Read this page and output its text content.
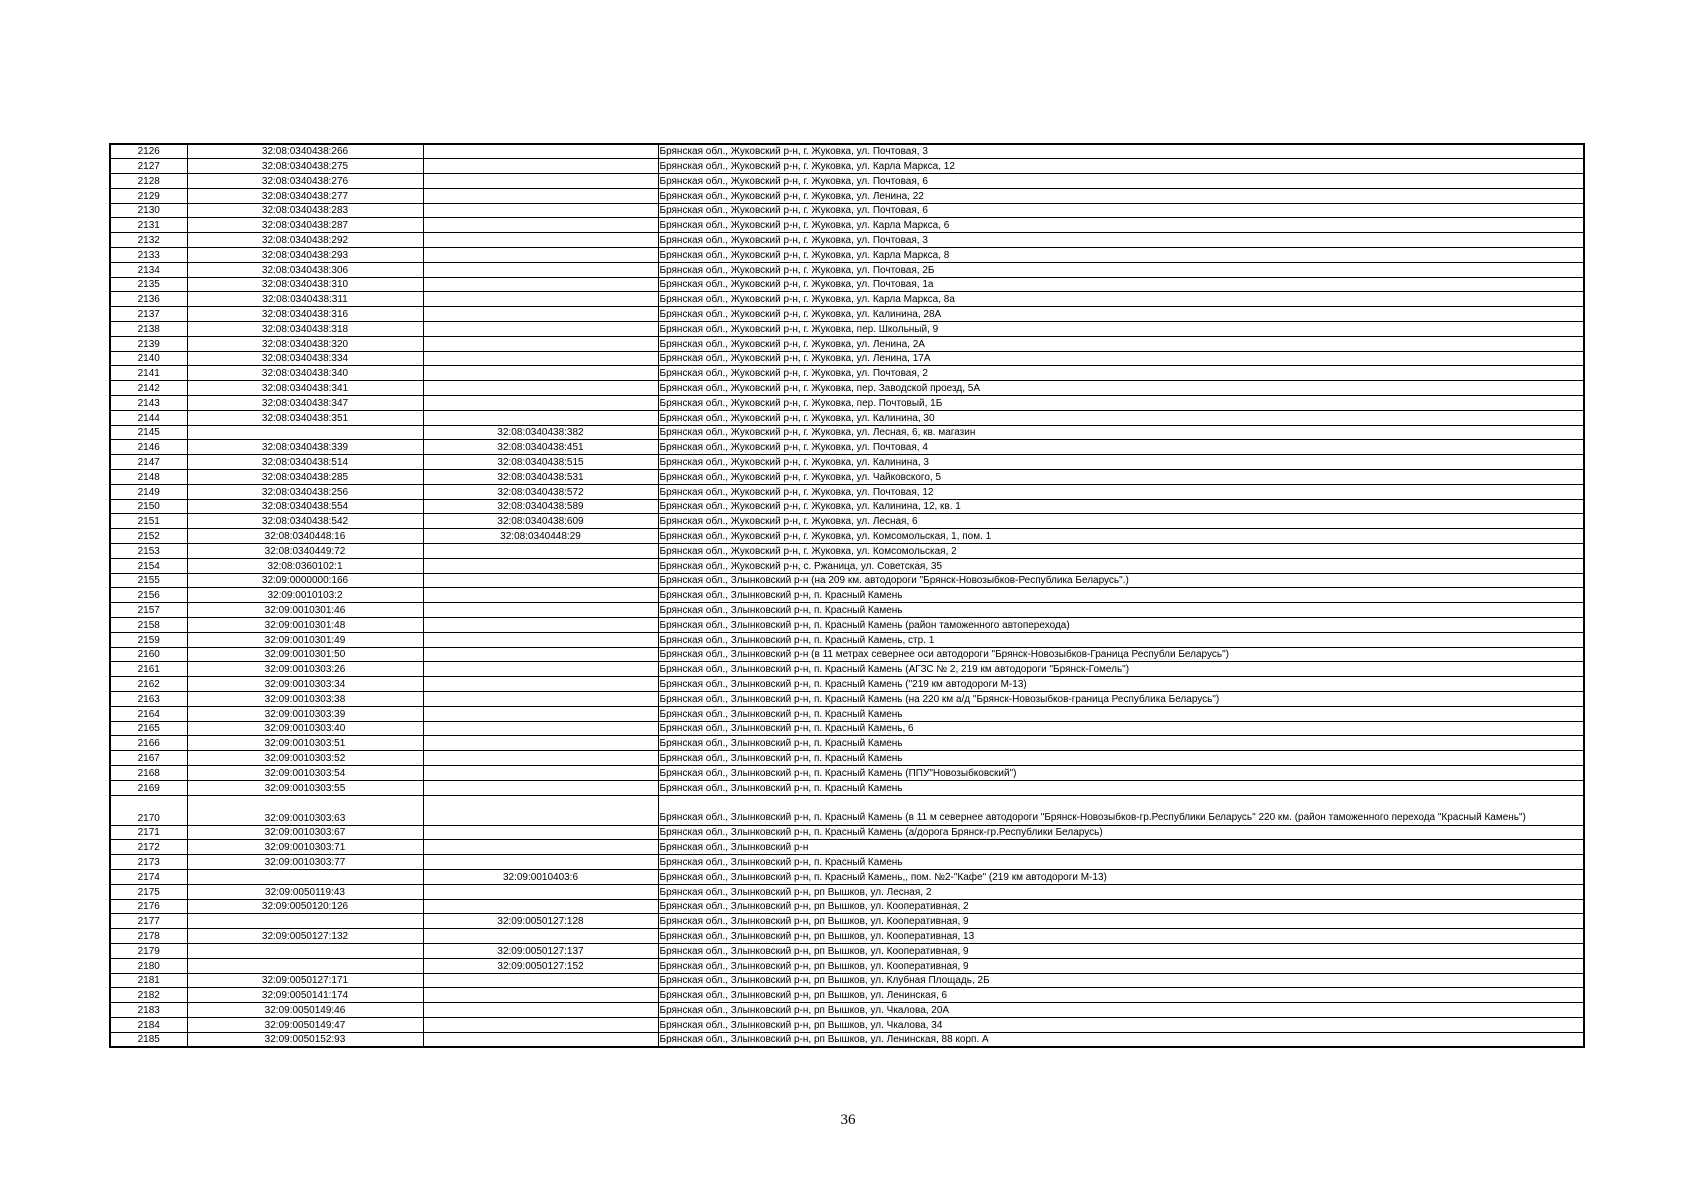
2126	32:08:0340438:266		Брянская обл., Жуковский р-н, г. Жуковка, ул. Почтовая, 3
2127	32:08:0340438:275		Брянская обл., Жуковский р-н, г. Жуковка, ул. Карла Маркса, 12
2128	32:08:0340438:276		Брянская обл., Жуковский р-н, г. Жуковка, ул. Почтовая, 6
2129	32:08:0340438:277		Брянская обл., Жуковский р-н, г. Жуковка, ул. Ленина, 22
2130	32:08:0340438:283		Брянская обл., Жуковский р-н, г. Жуковка, ул. Почтовая, 6
2131	32:08:0340438:287		Брянская обл., Жуковский р-н, г. Жуковка, ул. Карла Маркса, 6
2132	32:08:0340438:292		Брянская обл., Жуковский р-н, г. Жуковка, ул. Почтовая, 3
2133	32:08:0340438:293		Брянская обл., Жуковский р-н, г. Жуковка, ул. Карла Маркса, 8
2134	32:08:0340438:306		Брянская обл., Жуковский р-н, г. Жуковка, ул. Почтовая, 2Б
2135	32:08:0340438:310		Брянская обл., Жуковский р-н, г. Жуковка, ул. Почтовая, 1а
2136	32:08:0340438:311		Брянская обл., Жуковский р-н, г. Жуковка, ул. Карла Маркса, 8а
2137	32:08:0340438:316		Брянская обл., Жуковский р-н, г. Жуковка, ул. Калинина, 28А
2138	32:08:0340438:318		Брянская обл., Жуковский р-н, г. Жуковка, пер. Школьный, 9
2139	32:08:0340438:320		Брянская обл., Жуковский р-н, г. Жуковка, ул. Ленина, 2А
2140	32:08:0340438:334		Брянская обл., Жуковский р-н, г. Жуковка, ул. Ленина, 17А
2141	32:08:0340438:340		Брянская обл., Жуковский р-н, г. Жуковка, ул. Почтовая, 2
2142	32:08:0340438:341		Брянская обл., Жуковский р-н, г. Жуковка, пер. Заводской проезд, 5А
2143	32:08:0340438:347		Брянская обл., Жуковский р-н, г. Жуковка, пер. Почтовый, 1Б
2144	32:08:0340438:351		Брянская обл., Жуковский р-н, г. Жуковка, ул. Калинина, 30
2145		32:08:0340438:382	Брянская обл., Жуковский р-н, г. Жуковка, ул. Лесная, 6, кв. магазин
2146	32:08:0340438:339	32:08:0340438:451	Брянская обл., Жуковский р-н, г. Жуковка, ул. Почтовая, 4
2147	32:08:0340438:514	32:08:0340438:515	Брянская обл., Жуковский р-н, г. Жуковка, ул. Калинина, 3
2148	32:08:0340438:285	32:08:0340438:531	Брянская обл., Жуковский р-н, г. Жуковка, ул. Чайковского, 5
2149	32:08:0340438:256	32:08:0340438:572	Брянская обл., Жуковский р-н, г. Жуковка, ул. Почтовая, 12
2150	32:08:0340438:554	32:08:0340438:589	Брянская обл., Жуковский р-н, г. Жуковка, ул. Калинина, 12, кв. 1
2151	32:08:0340438:542	32:08:0340438:609	Брянская обл., Жуковский р-н, г. Жуковка, ул. Лесная, 6
2152	32:08:0340448:16	32:08:0340448:29	Брянская обл., Жуковский р-н, г. Жуковка, ул. Комсомольская, 1, пом. 1
2153	32:08:0340449:72		Брянская обл., Жуковский р-н, г. Жуковка, ул. Комсомольская, 2
2154	32:08:0360102:1		Брянская обл., Жуковский р-н, с. Ржаница, ул. Советская, 35
2155	32:09:0000000:166		Брянская обл., Злынковский р-н (на 209 км. автодороги "Брянск-Новозыбков-Республика Беларусь".)
2156	32:09:0010103:2		Брянская обл., Злынковский р-н, п. Красный Камень
2157	32:09:0010301:46		Брянская обл., Злынковский р-н, п. Красный Камень
2158	32:09:0010301:48		Брянская обл., Злынковский р-н, п. Красный Камень (район таможенного автоперехода)
2159	32:09:0010301:49		Брянская обл., Злынковский р-н, п. Красный Камень, стр. 1
2160	32:09:0010301:50		Брянская обл., Злынковский р-н (в 11 метрах севернее оси автодороги "Брянск-Новозыбков-Граница Республи Беларусь")
2161	32:09:0010303:26		Брянская обл., Злынковский р-н, п. Красный Камень (АГЗС № 2, 219 км автодороги "Брянск-Гомель")
2162	32:09:0010303:34		Брянская обл., Злынковский р-н, п. Красный Камень ("219 км автодороги М-13)
2163	32:09:0010303:38		Брянская обл., Злынковский р-н, п. Красный Камень (на 220 км а/д "Брянск-Новозыбков-граница Республика Беларусь")
2164	32:09:0010303:39		Брянская обл., Злынковский р-н, п. Красный Камень
2165	32:09:0010303:40		Брянская обл., Злынковский р-н, п. Красный Камень, 6
2166	32:09:0010303:51		Брянская обл., Злынковский р-н, п. Красный Камень
2167	32:09:0010303:52		Брянская обл., Злынковский р-н, п. Красный Камень
2168	32:09:0010303:54		Брянская обл., Злынковский р-н, п. Красный Камень (ППУ"Новозыбковский")
2169	32:09:0010303:55		Брянская обл., Злынковский р-н, п. Красный Камень
2170	32:09:0010303:63		Брянская обл., Злынковский р-н, п. Красный Камень (в 11 м севернее автодороги "Брянск-Новозыбков-гр.Республики Беларусь" 220 км. (район таможенного перехода "Красный Камень")
2171	32:09:0010303:67		Брянская обл., Злынковский р-н, п. Красный Камень (а/дорога Брянск-гр.Республики Беларусь)
2172	32:09:0010303:71		Брянская обл., Злынковский р-н
2173	32:09:0010303:77		Брянская обл., Злынковский р-н, п. Красный Камень
2174		32:09:0010403:6	Брянская обл., Злынковский р-н, п. Красный Камень,, пом. №2-"Кафе" (219 км автодороги М-13)
2175	32:09:0050119:43		Брянская обл., Злынковский р-н, рп Вышков, ул. Лесная, 2
2176	32:09:0050120:126		Брянская обл., Злынковский р-н, рп Вышков, ул. Кооперативная, 2
2177		32:09:0050127:128	Брянская обл., Злынковский р-н, рп Вышков, ул. Кооперативная, 9
2178	32:09:0050127:132		Брянская обл., Злынковский р-н, рп Вышков, ул. Кооперативная, 13
2179		32:09:0050127:137	Брянская обл., Злынковский р-н, рп Вышков, ул. Кооперативная, 9
2180		32:09:0050127:152	Брянская обл., Злынковский р-н, рп Вышков, ул. Кооперативная, 9
2181	32:09:0050127:171		Брянская обл., Злынковский р-н, рп Вышков, ул. Клубная Площадь, 2Б
2182	32:09:0050141:174		Брянская обл., Злынковский р-н, рп Вышков, ул. Ленинская, 6
2183	32:09:0050149:46		Брянская обл., Злынковский р-н, рп Вышков, ул. Чкалова, 20А
2184	32:09:0050149:47		Брянская обл., Злынковский р-н, рп Вышков, ул. Чкалова, 34
2185	32:09:0050152:93		Брянская обл., Злынковский р-н, рп Вышков, ул. Ленинская, 88 корп. А
36
